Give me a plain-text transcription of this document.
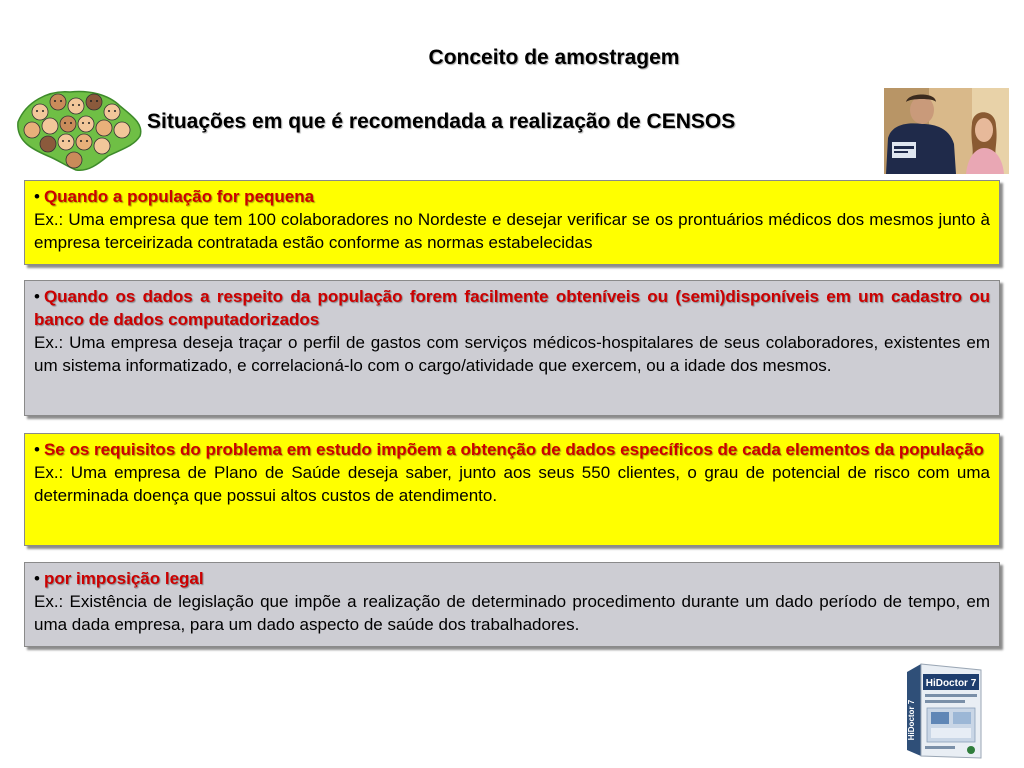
Conceito de amostragem
Situações em que é recomendada a realização de CENSOS
• Quando a população for pequena
Ex.: Uma empresa que tem 100 colaboradores no Nordeste e desejar verificar se os prontuários médicos dos mesmos junto à empresa terceirizada contratada estão conforme as normas estabelecidas
• Quando os dados a respeito da população forem facilmente obteníveis ou (semi)disponíveis em um cadastro ou banco de dados computadorizados
Ex.: Uma empresa deseja traçar o perfil de gastos com serviços médicos-hospitalares de seus colaboradores, existentes em um sistema informatizado, e correlacioná-lo com o cargo/atividade que exercem, ou a idade dos mesmos.
• Se os requisitos do problema em estudo impõem a obtenção de dados específicos de cada elementos da população
Ex.: Uma empresa de Plano de Saúde deseja saber, junto aos seus 550 clientes, o grau de potencial de risco com uma determinada doença que possui altos custos de atendimento.
• por imposição legal
Ex.: Existência de legislação que impõe a realização de determinado procedimento durante um dado período de tempo, em uma dada empresa, para um dado aspecto de saúde dos trabalhadores.
HiDoctor 7
HiDoctor 7
